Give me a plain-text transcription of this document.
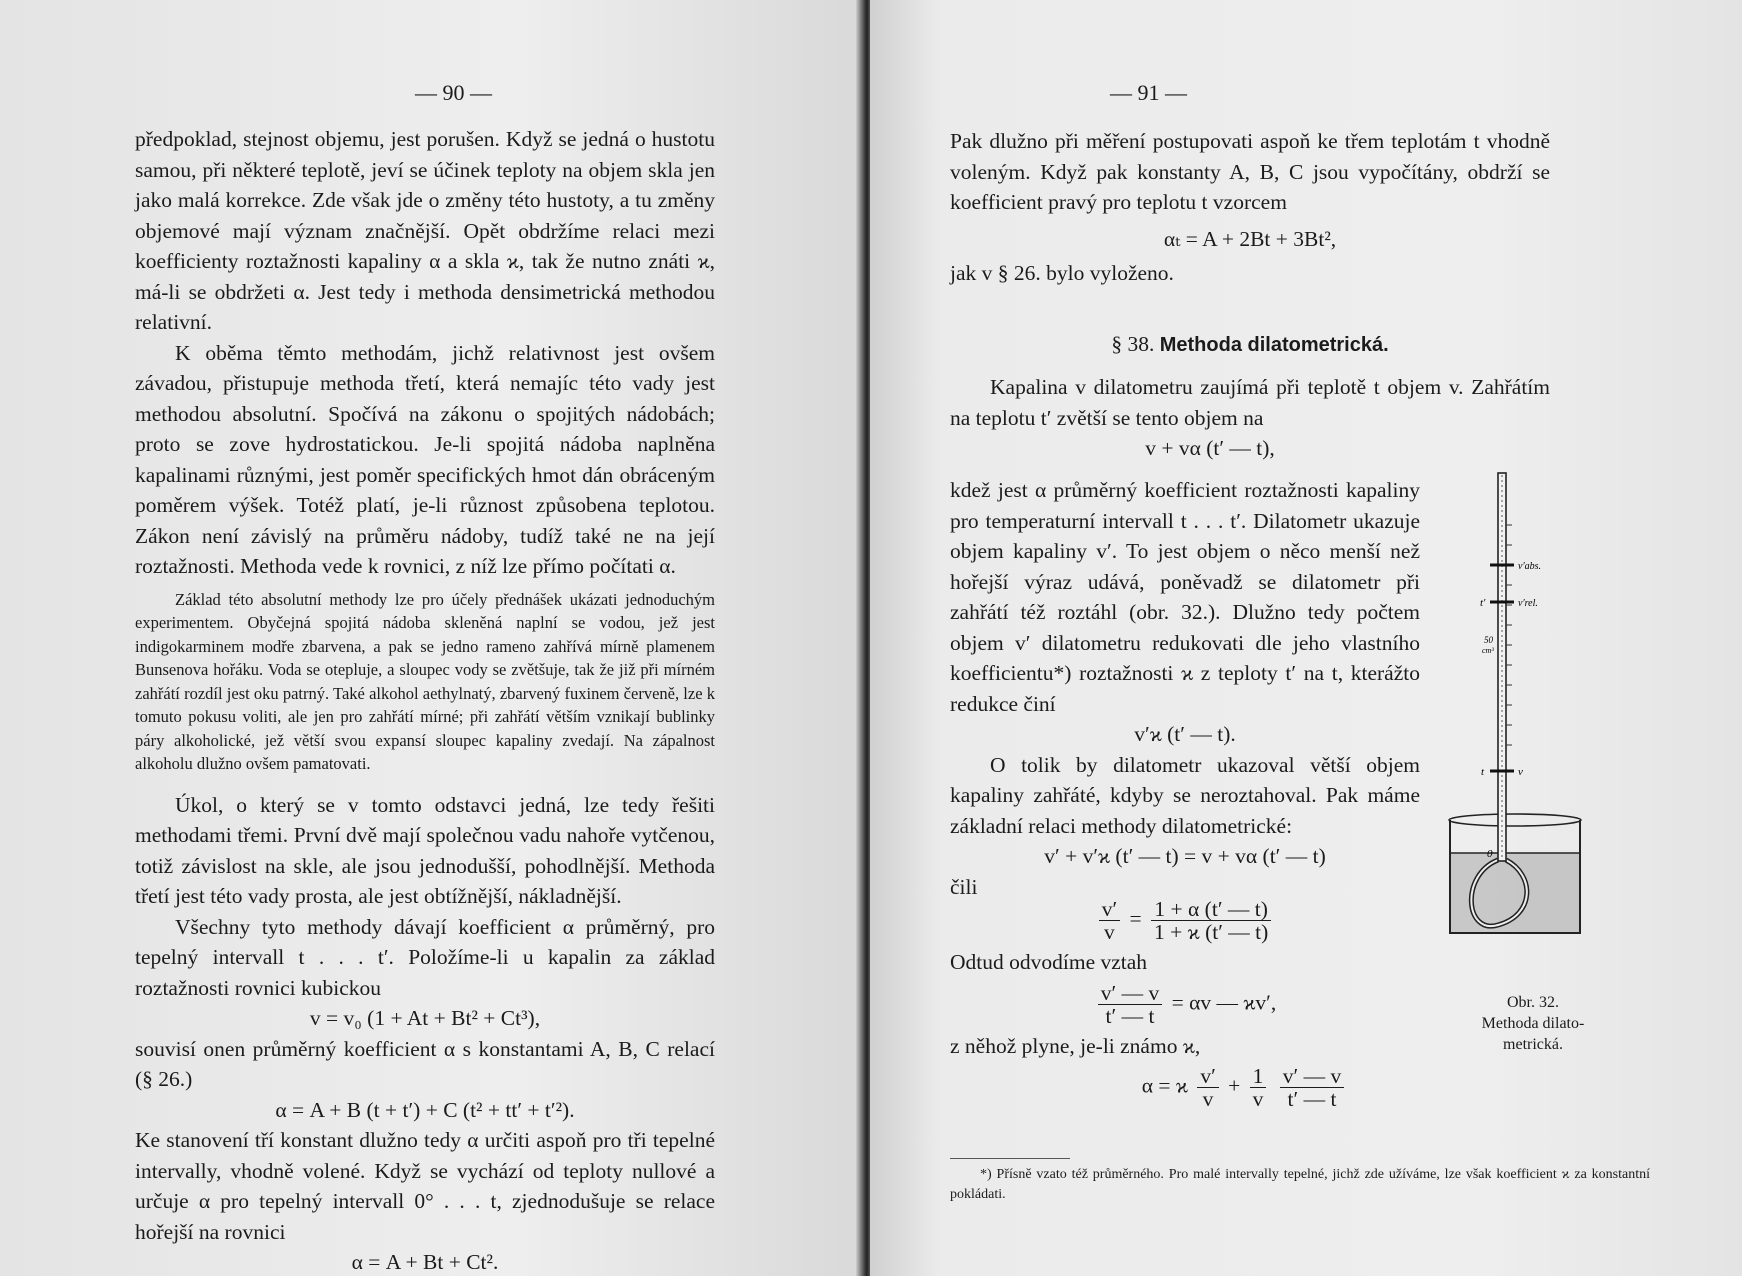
— 90 —

předpoklad, stejnost objemu, jest porušen. Když se jedná o hustotu samou, při některé teplotě, jeví se účinek teploty na objem skla jen jako malá korrekce. Zde však jde o změny této hustoty, a tu změny objemové mají význam značnější. Opět obdržíme relaci mezi koefficienty roztažnosti kapaliny α a skla ϰ, tak že nutno znáti ϰ, má-li se obdržeti α. Jest tedy i methoda densimetrická methodou relativní.

K oběma těmto methodám, jichž relativnost jest ovšem závadou, přistupuje methoda třetí, která nemajíc této vady jest methodou absolutní. Spočívá na zákonu o spojitých nádobách; proto se zove hydrostatickou. Je-li spojitá nádoba naplněna kapalinami různými, jest poměr specifických hmot dán obráceným poměrem výšek. Totéž platí, je-li různost způsobena teplotou. Zákon není závislý na průměru nádoby, tudíž také ne na její roztažnosti. Methoda vede k rovnici, z níž lze přímo počítati α.

Základ této absolutní methody lze pro účely přednášek ukázati jednoduchým experimentem. Obyčejná spojitá nádoba skleněná naplní se vodou, jež jest indigokarminem modře zbarvena, a pak se jedno rameno zahřívá mírně plamenem Bunsenova hořáku. Voda se otepluje, a sloupec vody se zvětšuje, tak že již při mírném zahřátí rozdíl jest oku patrný. Také alkohol aethylnatý, zbarvený fuxinem červeně, lze k tomuto pokusu voliti, ale jen pro zahřátí mírné; při zahřátí větším vznikají bublinky páry alkoholické, jež větší svou expansí sloupec kapaliny zvedají. Na zápalnost alkoholu dlužno ovšem pamatovati.

Úkol, o který se v tomto odstavci jedná, lze tedy řešiti methodami třemi. První dvě mají společnou vadu nahoře vytčenou, totiž závislost na skle, ale jsou jednodušší, pohodlnější. Methoda třetí jest této vady prosta, ale jest obtížnější, nákladnější.

Všechny tyto methody dávají koefficient α průměrný, pro tepelný intervall t . . . t′. Položíme-li u kapalin za základ roztažnosti rovnici kubickou

v = v₀ (1 + At + Bt² + Ct³),

souvisí onen průměrný koefficient α s konstantami A, B, C relací (§ 26.)

α = A + B (t + t′) + C (t² + tt′ + t′²).

Ke stanovení tří konstant dlužno tedy α určiti aspoň pro tři tepelné intervally, vhodně volené. Když se vychází od teploty nullové a určuje α pro tepelný intervall 0° . . . t, zjednodušuje se relace hořejší na rovnici

α = A + Bt + Ct².

— 91 —

Pak dlužno při měření postupovati aspoň ke třem teplotám t vhodně voleným. Když pak konstanty A, B, C jsou vypočítány, obdrží se koefficient pravý pro teplotu t vzorcem

αₜ = A + 2Bt + 3Bt²,

jak v § 26. bylo vyloženo.

§ 38. Methoda dilatometrická.

Kapalina v dilatometru zaujímá při teplotě t objem v. Zahřátím na teplotu t′ zvětší se tento objem na

v + vα (t′ — t),

kdež jest α průměrný koefficient roztažnosti kapaliny pro temperaturní intervall t . . . t′. Dilatometr ukazuje objem kapaliny v′. To jest objem o něco menší než hořejší výraz udává, poněvadž se dilatometr při zahřátí též roztáhl (obr. 32.). Dlužno tedy počtem objem v′ dilatometru redukovati dle jeho vlastního koefficientu*) roztažnosti ϰ z teploty t′ na t, kterážto redukce činí

v′ϰ (t′ — t).

O tolik by dilatometr ukazoval větší objem kapaliny zahřáté, kdyby se neroztahoval. Pak máme základní relaci methody dilatometrické:

v′ + v′ϰ (t′ — t) = v + vα (t′ — t)

čili

$\frac{v'}{v} = \frac{1 + \alpha (t' — t)}{1 + ϰ (t' — t)}$

Odtud odvodíme vztah

$\frac{v' — v}{t' — t} = \alpha v$ — ϰv′,

z něhož plyne, je-li známo ϰ,

α = ϰ $\frac{v'}{v} + \frac{1}{v}$
$\frac{v' — v}{t' — t}$

v′abs.
t′	v′rel.
50
cm³
t	v
0
Obr. 32.
Methoda dilato-
metrická.
*) Přísně vzato též průměrného. Pro malé intervally tepelné, jichž zde užíváme, lze však koefficient ϰ za konstantní pokládati.
